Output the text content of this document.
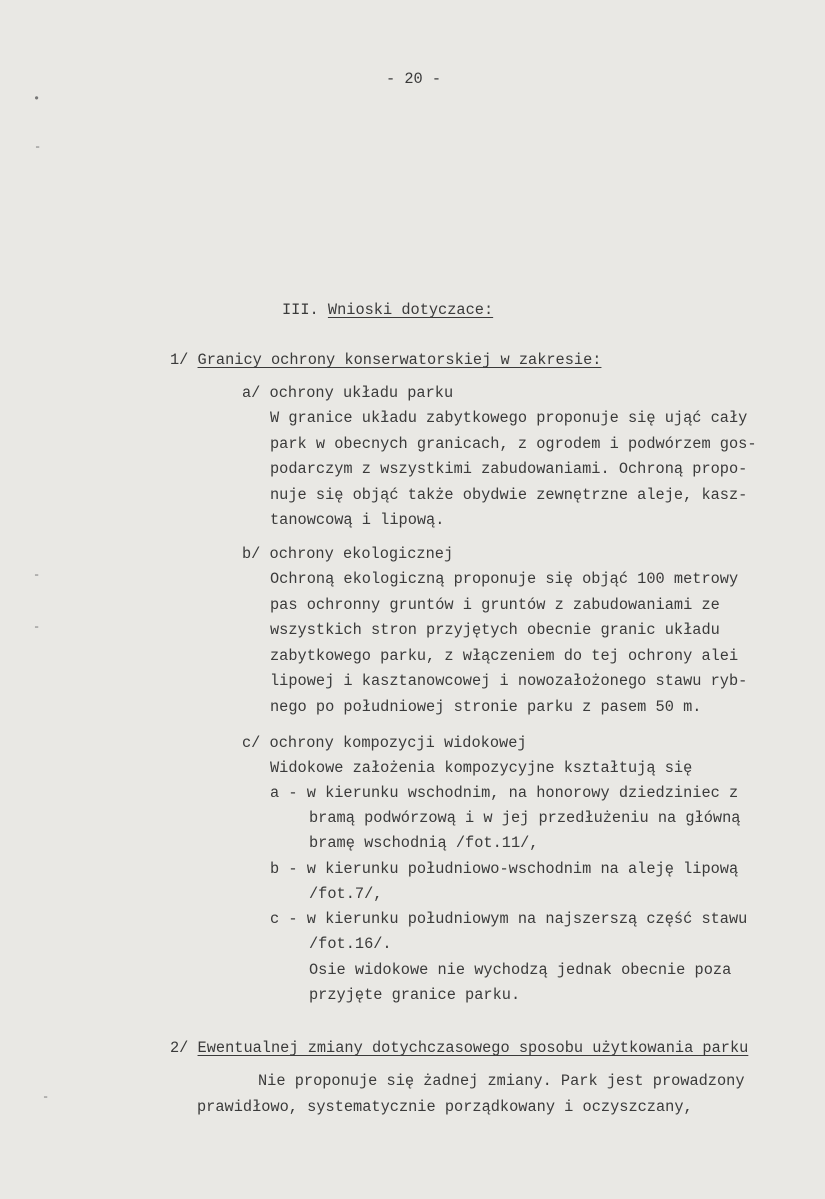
•
-
-
-
-
- 20 -
III. Wnioski dotyczace:
1/ Granicy ochrony konserwatorskiej w zakresie:
a/ ochrony układu parku
W granice układu zabytkowego proponuje się ująć cały
park w obecnych granicach, z ogrodem i podwórzem gos-
podarczym z wszystkimi zabudowaniami. Ochroną propo-
nuje się objąć także obydwie zewnętrzne aleje, kasz-
tanowcową i lipową.
b/ ochrony ekologicznej
Ochroną ekologiczną proponuje się objąć 100 metrowy
pas ochronny gruntów i gruntów z zabudowaniami ze
wszystkich stron przyjętych obecnie granic układu
zabytkowego parku, z włączeniem do tej ochrony alei
lipowej i kasztanowcowej i nowozałożonego stawu ryb-
nego po południowej stronie parku z pasem 50 m.
c/ ochrony kompozycji widokowej
Widokowe założenia kompozycyjne kształtują się
a - w kierunku wschodnim, na honorowy dziedziniec z
bramą podwórzową i w jej przedłużeniu na główną
bramę wschodnią /fot.11/,
b - w kierunku południowo-wschodnim na aleję lipową
/fot.7/,
c - w kierunku południowym na najszerszą część stawu
/fot.16/.
Osie widokowe nie wychodzą jednak obecnie poza
przyjęte granice parku.
2/ Ewentualnej zmiany dotychczasowego sposobu użytkowania parku
Nie proponuje się żadnej zmiany. Park jest prowadzony
prawidłowo, systematycznie porządkowany i oczyszczany,
